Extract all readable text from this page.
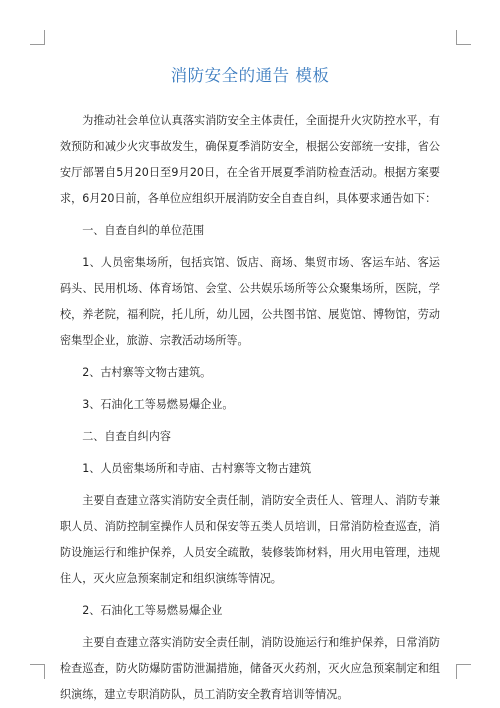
消防安全的通告 模板

为推动社会单位认真落实消防安全主体责任，全面提升火灾防控水平，有效预防和减少火灾事故发生，确保夏季消防安全，根据公安部统一安排，省公安厅部署自5月20日至9月20日，在全省开展夏季消防检查活动。根据方案要求，6月20日前，各单位应组织开展消防安全自查自纠，具体要求通告如下：

一、自查自纠的单位范围

1、人员密集场所，包括宾馆、饭店、商场、集贸市场、客运车站、客运码头、民用机场、体育场馆、会堂、公共娱乐场所等公众聚集场所，医院，学校，养老院，福利院，托儿所，幼儿园，公共图书馆、展览馆、博物馆，劳动密集型企业，旅游、宗教活动场所等。

2、古村寨等文物古建筑。

3、石油化工等易燃易爆企业。

二、自查自纠内容

1、人员密集场所和寺庙、古村寨等文物古建筑

主要自查建立落实消防安全责任制，消防安全责任人、管理人、消防专兼职人员、消防控制室操作人员和保安等五类人员培训，日常消防检查巡查，消防设施运行和维护保养，人员安全疏散，装修装饰材料，用火用电管理，违规住人，灭火应急预案制定和组织演练等情况。

2、石油化工等易燃易爆企业

主要自查建立落实消防安全责任制，消防设施运行和维护保养，日常消防检查巡查，防火防爆防雷防泄漏措施，储备灭火药剂，灭火应急预案制定和组织演练，建立专职消防队，员工消防安全教育培训等情况。
